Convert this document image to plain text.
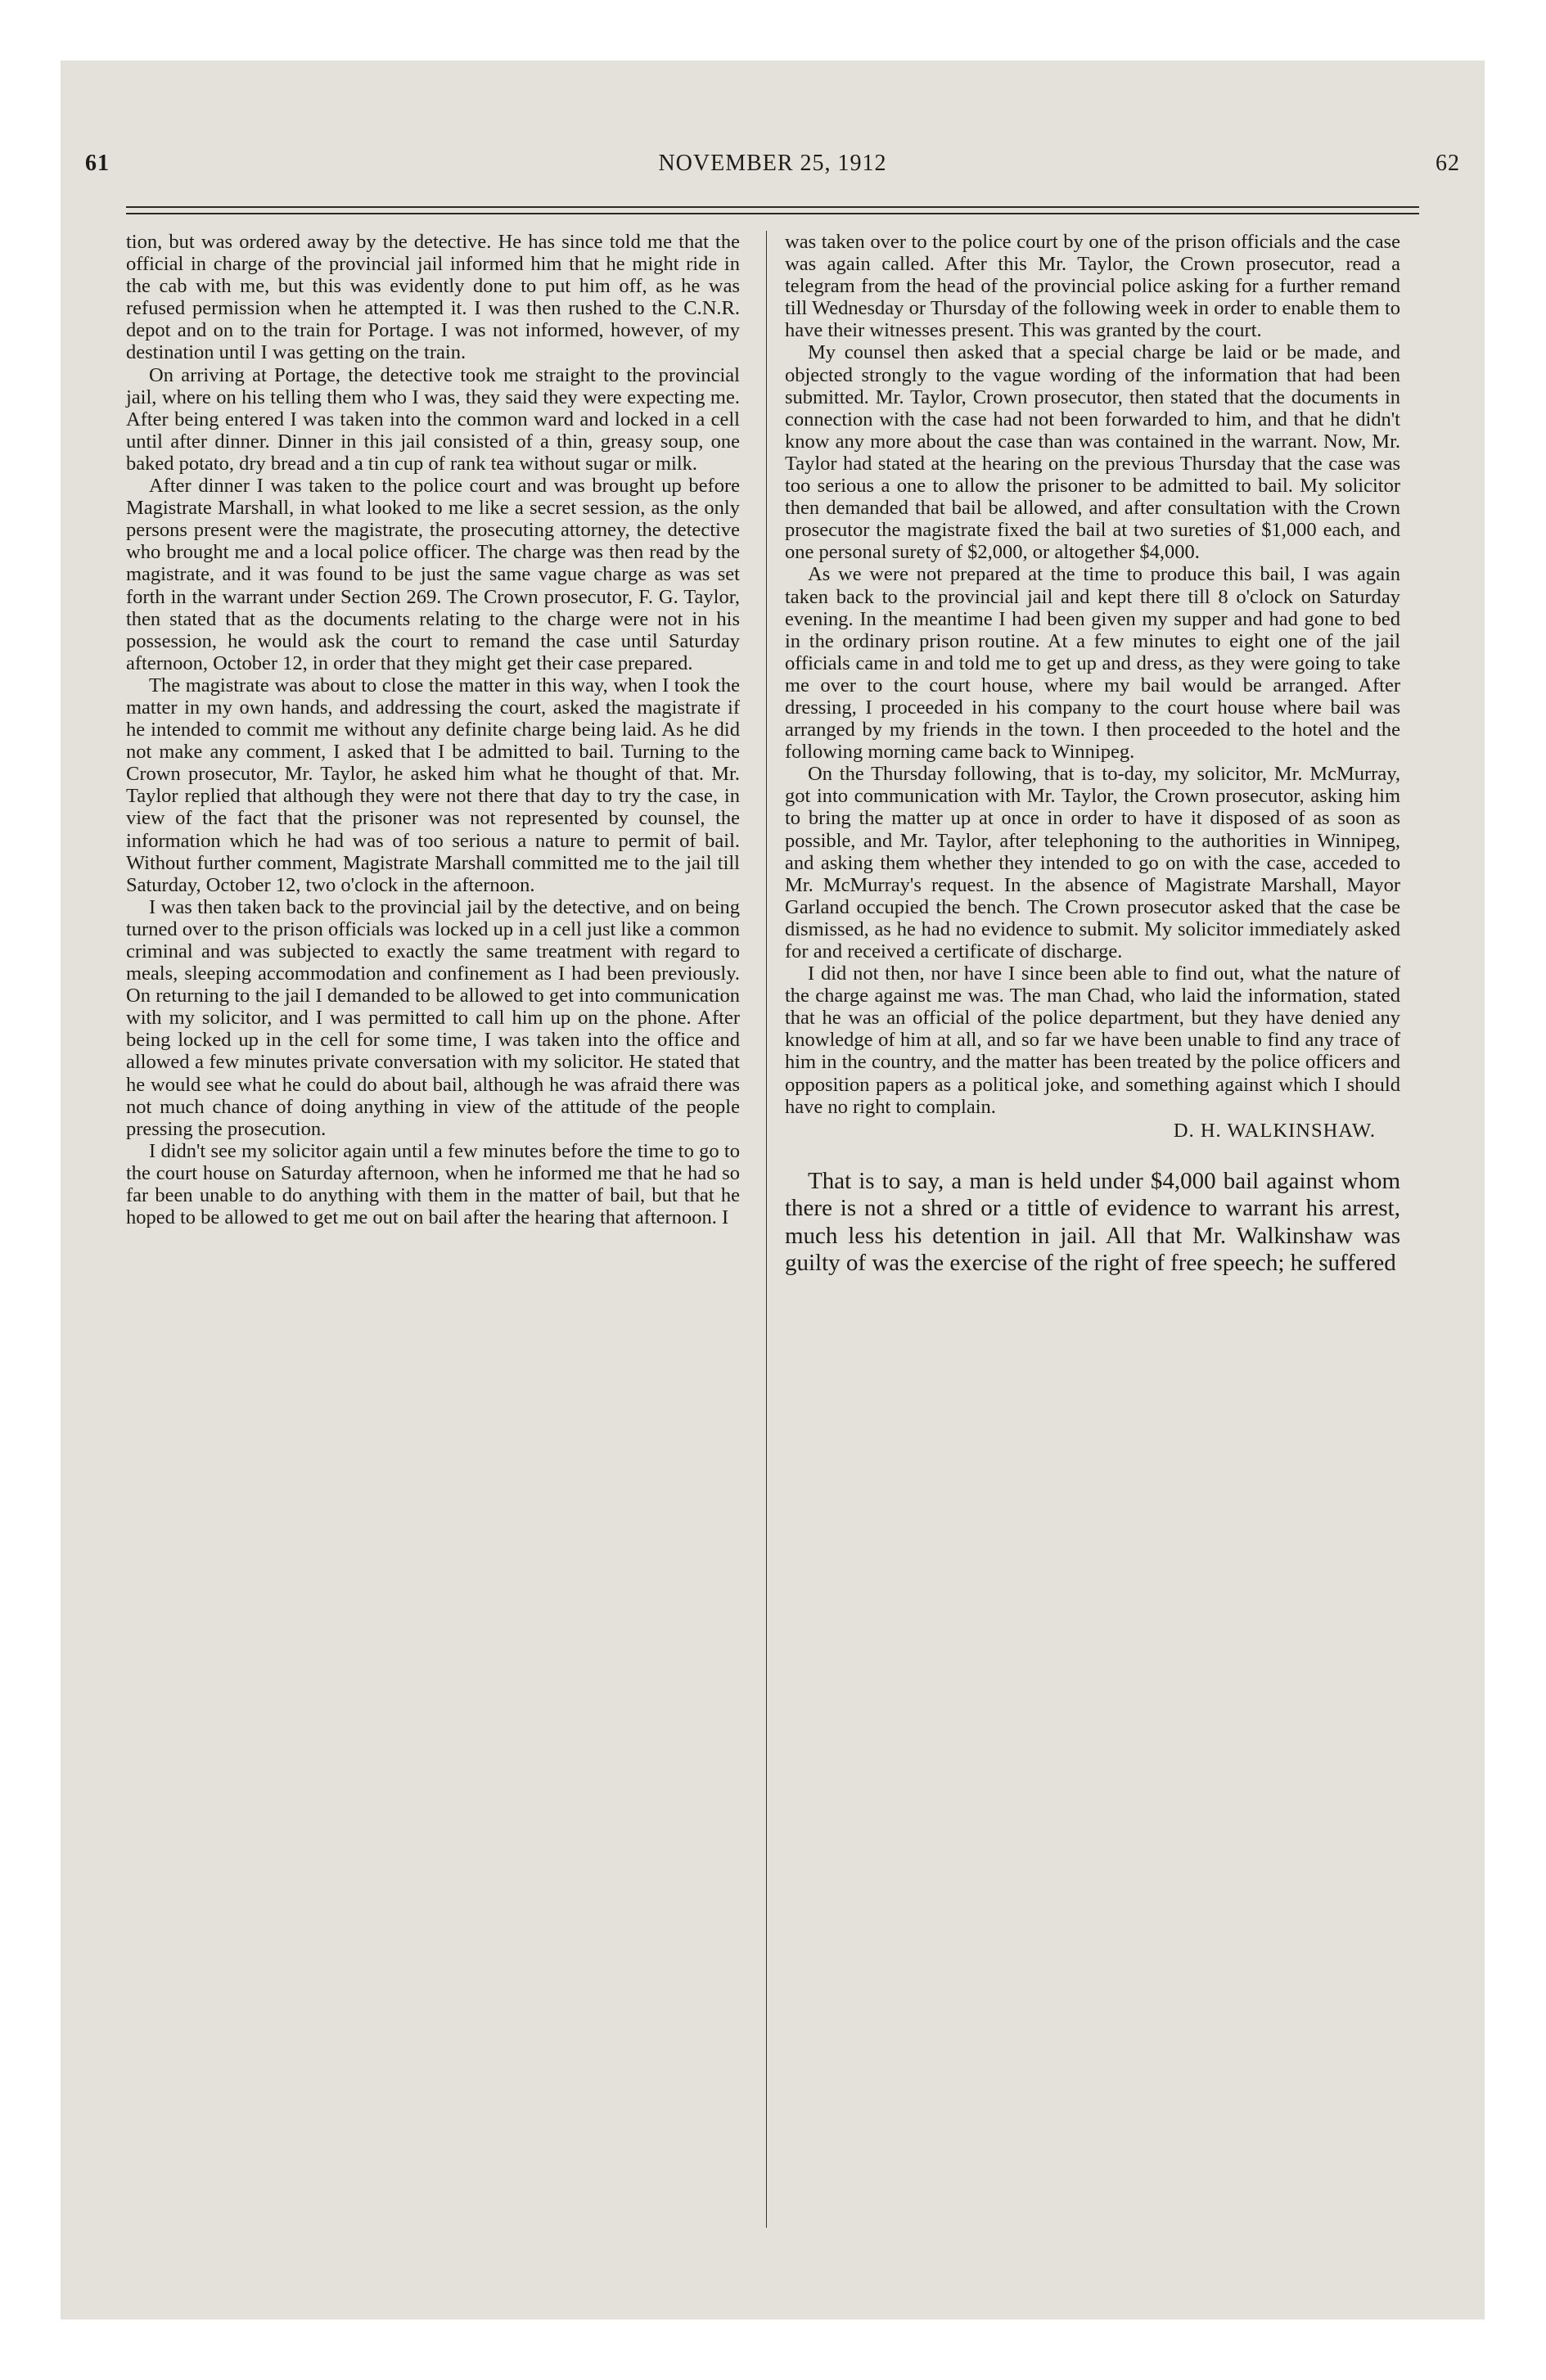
61	NOVEMBER 25, 1912	62

tion, but was ordered away by the detective. He has since told me that the official in charge of the provincial jail informed him that he might ride in the cab with me, but this was evidently done to put him off, as he was refused permission when he attempted it. I was then rushed to the C.N.R. depot and on to the train for Portage. I was not informed, however, of my destination until I was getting on the train.

On arriving at Portage, the detective took me straight to the provincial jail, where on his telling them who I was, they said they were expecting me. After being entered I was taken into the common ward and locked in a cell until after dinner. Dinner in this jail consisted of a thin, greasy soup, one baked potato, dry bread and a tin cup of rank tea without sugar or milk.

After dinner I was taken to the police court and was brought up before Magistrate Marshall, in what looked to me like a secret session, as the only persons present were the magistrate, the prosecuting attorney, the detective who brought me and a local police officer. The charge was then read by the magistrate, and it was found to be just the same vague charge as was set forth in the warrant under Section 269. The Crown prosecutor, F. G. Taylor, then stated that as the documents relating to the charge were not in his possession, he would ask the court to remand the case until Saturday afternoon, October 12, in order that they might get their case prepared.

The magistrate was about to close the matter in this way, when I took the matter in my own hands, and addressing the court, asked the magistrate if he intended to commit me without any definite charge being laid. As he did not make any comment, I asked that I be admitted to bail. Turning to the Crown prosecutor, Mr. Taylor, he asked him what he thought of that. Mr. Taylor replied that although they were not there that day to try the case, in view of the fact that the prisoner was not represented by counsel, the information which he had was of too serious a nature to permit of bail. Without further comment, Magistrate Marshall committed me to the jail till Saturday, October 12, two o'clock in the afternoon.

I was then taken back to the provincial jail by the detective, and on being turned over to the prison officials was locked up in a cell just like a common criminal and was subjected to exactly the same treatment with regard to meals, sleeping accommodation and confinement as I had been previously. On returning to the jail I demanded to be allowed to get into communication with my solicitor, and I was permitted to call him up on the phone. After being locked up in the cell for some time, I was taken into the office and allowed a few minutes private conversation with my solicitor. He stated that he would see what he could do about bail, although he was afraid there was not much chance of doing anything in view of the attitude of the people pressing the prosecution.

I didn't see my solicitor again until a few minutes before the time to go to the court house on Saturday afternoon, when he informed me that he had so far been unable to do anything with them in the matter of bail, but that he hoped to be allowed to get me out on bail after the hearing that afternoon. I

was taken over to the police court by one of the prison officials and the case was again called. After this Mr. Taylor, the Crown prosecutor, read a telegram from the head of the provincial police asking for a further remand till Wednesday or Thursday of the following week in order to enable them to have their witnesses present. This was granted by the court.

My counsel then asked that a special charge be laid or be made, and objected strongly to the vague wording of the information that had been submitted. Mr. Taylor, Crown prosecutor, then stated that the documents in connection with the case had not been forwarded to him, and that he didn't know any more about the case than was contained in the warrant. Now, Mr. Taylor had stated at the hearing on the previous Thursday that the case was too serious a one to allow the prisoner to be admitted to bail. My solicitor then demanded that bail be allowed, and after consultation with the Crown prosecutor the magistrate fixed the bail at two sureties of $1,000 each, and one personal surety of $2,000, or altogether $4,000.

As we were not prepared at the time to produce this bail, I was again taken back to the provincial jail and kept there till 8 o'clock on Saturday evening. In the meantime I had been given my supper and had gone to bed in the ordinary prison routine. At a few minutes to eight one of the jail officials came in and told me to get up and dress, as they were going to take me over to the court house, where my bail would be arranged. After dressing, I proceeded in his company to the court house where bail was arranged by my friends in the town. I then proceeded to the hotel and the following morning came back to Winnipeg.

On the Thursday following, that is to-day, my solicitor, Mr. McMurray, got into communication with Mr. Taylor, the Crown prosecutor, asking him to bring the matter up at once in order to have it disposed of as soon as possible, and Mr. Taylor, after telephoning to the authorities in Winnipeg, and asking them whether they intended to go on with the case, acceded to Mr. McMurray's request. In the absence of Magistrate Marshall, Mayor Garland occupied the bench. The Crown prosecutor asked that the case be dismissed, as he had no evidence to submit. My solicitor immediately asked for and received a certificate of discharge.

I did not then, nor have I since been able to find out, what the nature of the charge against me was. The man Chad, who laid the information, stated that he was an official of the police department, but they have denied any knowledge of him at all, and so far we have been unable to find any trace of him in the country, and the matter has been treated by the police officers and opposition papers as a political joke, and something against which I should have no right to complain.

D. H. WALKINSHAW.

That is to say, a man is held under $4,000 bail against whom there is not a shred or a tittle of evidence to warrant his arrest, much less his detention in jail. All that Mr. Walkinshaw was guilty of was the exercise of the right of free speech; he suffered
